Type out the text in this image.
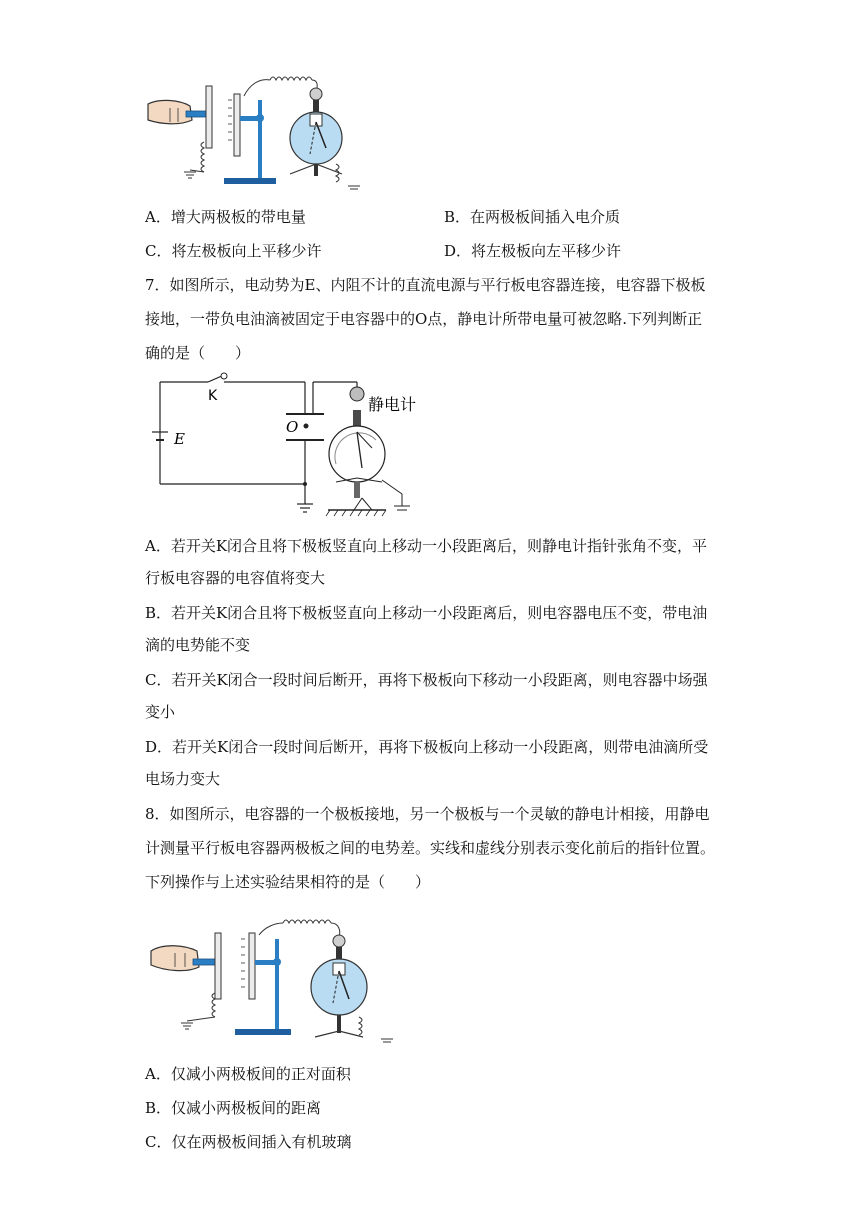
A．增大两极板的带电量	B．在两极板间插入电介质
C．将左极板向上平移少许	D．将左极板向左平移少许
7．如图所示，电动势为E、内阻不计的直流电源与平行板电容器连接，电容器下极板
接地，一带负电油滴被固定于电容器中的O点，静电计所带电量可被忽略.下列判断正
确的是（　　）
K
E
O
静电计
A．若开关K闭合且将下极板竖直向上移动一小段距离后，则静电计指针张角不变，平
行板电容器的电容值将变大
B．若开关K闭合且将下极板竖直向上移动一小段距离后，则电容器电压不变，带电油
滴的电势能不变
C．若开关K闭合一段时间后断开，再将下极板向下移动一小段距离，则电容器中场强
变小
D．若开关K闭合一段时间后断开，再将下极板向上移动一小段距离，则带电油滴所受
电场力变大
8．如图所示，电容器的一个极板接地，另一个极板与一个灵敏的静电计相接，用静电
计测量平行板电容器两极板之间的电势差。实线和虚线分别表示变化前后的指针位置。
下列操作与上述实验结果相符的是（　　）
A．仅减小两极板间的正对面积
B．仅减小两极板间的距离
C．仅在两极板间插入有机玻璃
